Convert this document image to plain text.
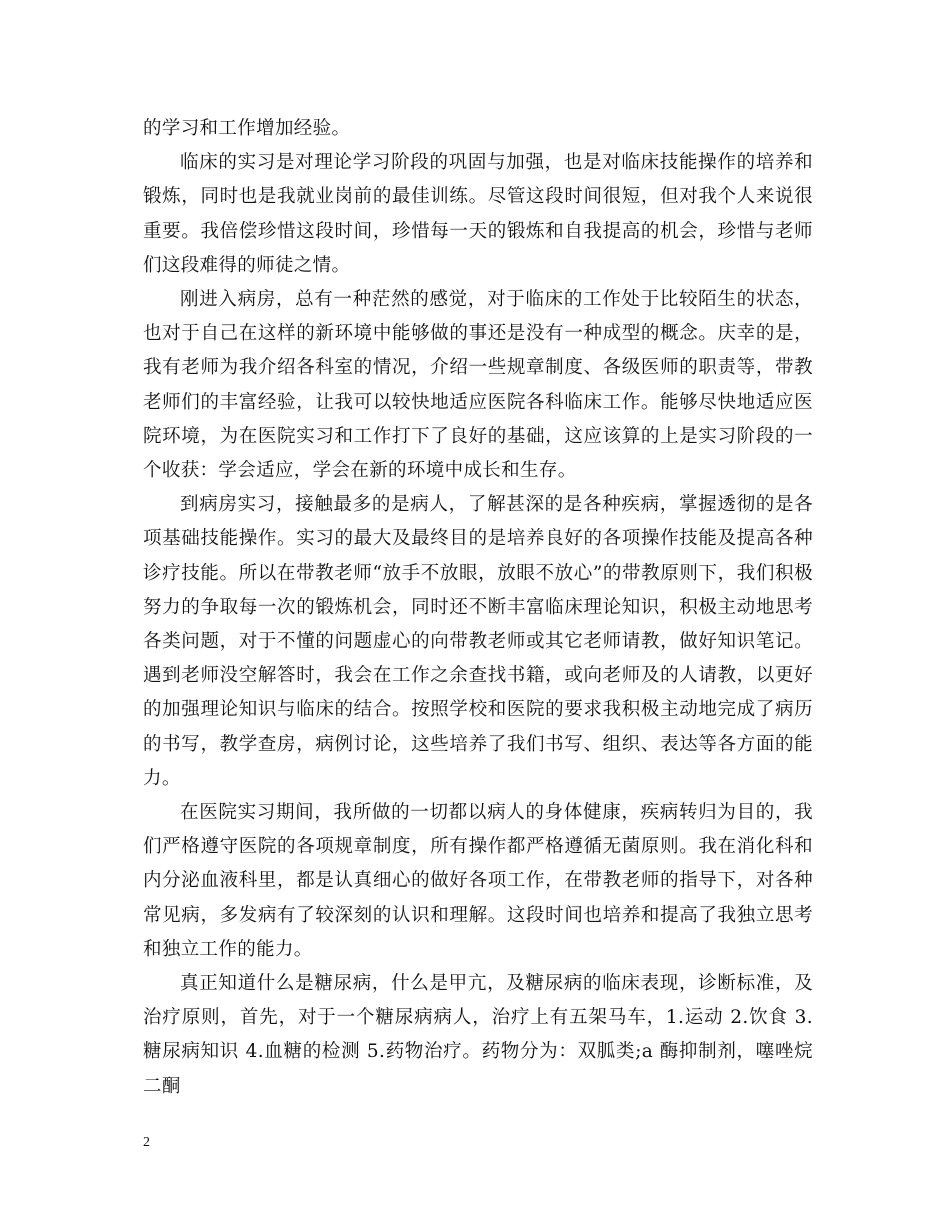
的学习和工作增加经验。

临床的实习是对理论学习阶段的巩固与加强，也是对临床技能操作的培养和锻炼，同时也是我就业岗前的最佳训练。尽管这段时间很短，但对我个人来说很重要。我倍偿珍惜这段时间，珍惜每一天的锻炼和自我提高的机会，珍惜与老师们这段难得的师徒之情。

刚进入病房，总有一种茫然的感觉，对于临床的工作处于比较陌生的状态，也对于自己在这样的新环境中能够做的事还是没有一种成型的概念。庆幸的是，我有老师为我介绍各科室的情况，介绍一些规章制度、各级医师的职责等，带教老师们的丰富经验，让我可以较快地适应医院各科临床工作。能够尽快地适应医院环境，为在医院实习和工作打下了良好的基础，这应该算的上是实习阶段的一个收获：学会适应，学会在新的环境中成长和生存。

到病房实习，接触最多的是病人，了解甚深的是各种疾病，掌握透彻的是各项基础技能操作。实习的最大及最终目的是培养良好的各项操作技能及提高各种诊疗技能。所以在带教老师“放手不放眼，放眼不放心”的带教原则下，我们积极努力的争取每一次的锻炼机会，同时还不断丰富临床理论知识，积极主动地思考各类问题，对于不懂的问题虚心的向带教老师或其它老师请教，做好知识笔记。遇到老师没空解答时，我会在工作之余查找书籍，或向老师及的人请教，以更好的加强理论知识与临床的结合。按照学校和医院的要求我积极主动地完成了病历的书写，教学查房，病例讨论，这些培养了我们书写、组织、表达等各方面的能力。

在医院实习期间，我所做的一切都以病人的身体健康，疾病转归为目的，我们严格遵守医院的各项规章制度，所有操作都严格遵循无菌原则。我在消化科和内分泌血液科里，都是认真细心的做好各项工作，在带教老师的指导下，对各种常见病，多发病有了较深刻的认识和理解。这段时间也培养和提高了我独立思考和独立工作的能力。

真正知道什么是糖尿病，什么是甲亢，及糖尿病的临床表现，诊断标准，及治疗原则，首先，对于一个糖尿病病人，治疗上有五架马车，1.运动 2.饮食 3.糖尿病知识 4.血糖的检测 5.药物治疗。药物分为：双胍类;a 酶抑制剂，噻唑烷二酮

2
